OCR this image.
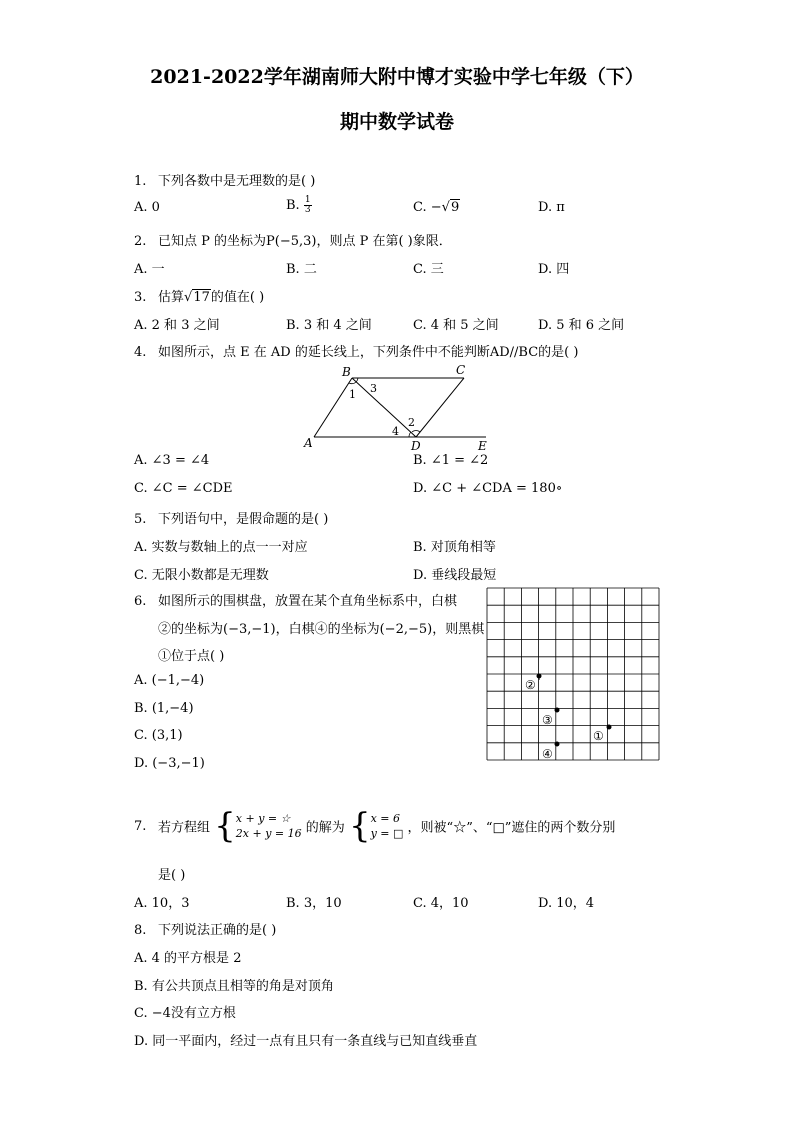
2021-2022学年湖南师大附中博才实验中学七年级（下）
期中数学试卷
1. 下列各数中是无理数的是( )
A. 0	B. $\frac{1}{3}$	C. −√9	D. π
2. 已知点 P 的坐标为P(−5,3)，则点 P 在第( )象限．
A. 一	B. 二	C. 三	D. 四
3. 估算√17的值在( )
A. 2 和 3 之间	B. 3 和 4 之间	C. 4 和 5 之间	D. 5 和 6 之间
4. 如图所示，点 E 在 AD 的延长线上，下列条件中不能判断AD//BC的是( )
B	C
A	D	E
1 3
2
4
A. ∠3 = ∠4	B. ∠1 = ∠2
C. ∠C = ∠CDE	D. ∠C + ∠CDA = 180∘
5. 下列语句中，是假命题的是( )
A. 实数与数轴上的点一一对应	B. 对顶角相等
C. 无限小数都是无理数	D. 垂线段最短
6. 如图所示的围棋盘，放置在某个直角坐标系中，白棋
②的坐标为(−3,−1)，白棋④的坐标为(−2,−5)，则黑棋
①位于点( )
A. (−1,−4)
B. (1,−4)
C. (3,1)
D. (−3,−1)
②
③
④
①
7. 若方程组 {x + y = ☆
2x + y = 16 的解为 {x = 6
y = □ ，则被“☆”、“□”遮住的两个数分别
是( )
A. 10，3	B. 3，10	C. 4，10	D. 10，4
8. 下列说法正确的是( )
A. 4 的平方根是 2
B. 有公共顶点且相等的角是对顶角
C. −4没有立方根
D. 同一平面内，经过一点有且只有一条直线与已知直线垂直
